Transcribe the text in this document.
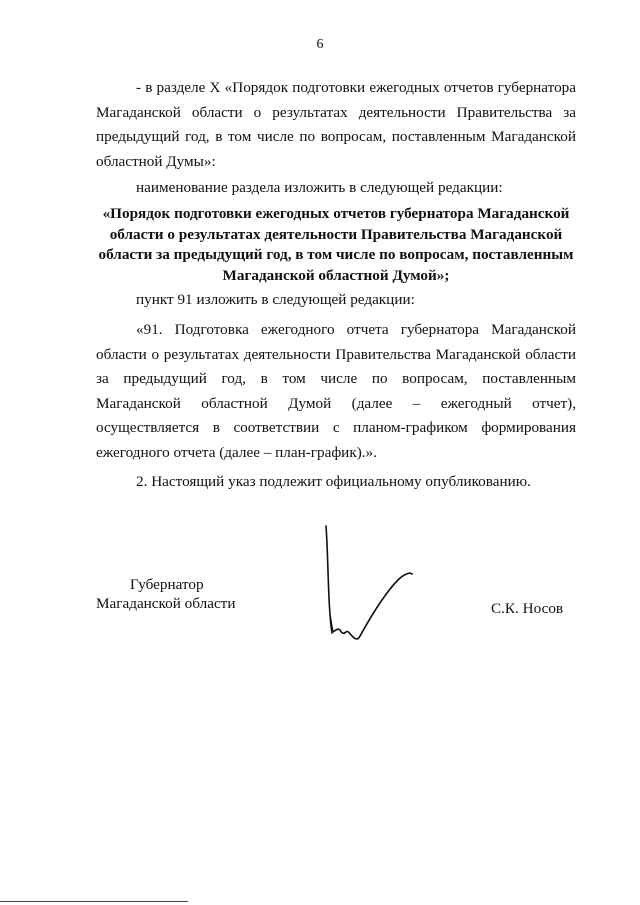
6

- в разделе X «Порядок подготовки ежегодных отчетов губернатора Магаданской области о результатах деятельности Правительства за предыдущий год, в том числе по вопросам, поставленным Магаданской областной Думы»:

наименование раздела изложить в следующей редакции:

«Порядок подготовки ежегодных отчетов губернатора Магаданской
области о результатах деятельности Правительства Магаданской
области за предыдущий год, в том числе по вопросам, поставленным
Магаданской областной Думой»;

пункт 91 изложить в следующей редакции:

«91. Подготовка ежегодного отчета губернатора Магаданской области о результатах деятельности Правительства Магаданской области за предыдущий год, в том числе по вопросам, поставленным Магаданской областной Думой (далее – ежегодный отчет), осуществляется в соответствии с планом-графиком формирования ежегодного отчета (далее – план-график).».

2. Настоящий указ подлежит официальному опубликованию.

Губернатор
Магаданской области	С.К. Носов
